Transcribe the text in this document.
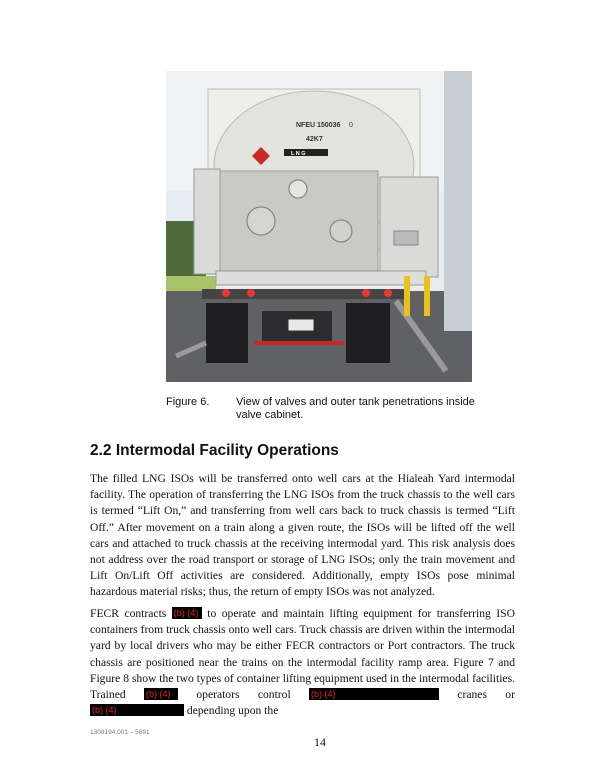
NFEU 150036 0
42K7
L N G
Figure 6. View of valves and outer tank penetrations inside valve cabinet.
2.2 Intermodal Facility Operations

The filled LNG ISOs will be transferred onto well cars at the Hialeah Yard intermodal facility. The operation of transferring the LNG ISOs from the truck chassis to the well cars is termed “Lift On,” and transferring from well cars back to truck chassis is termed “Lift Off.” After movement on a train along a given route, the ISOs will be lifted off the well cars and attached to truck chassis at the receiving intermodal yard. This risk analysis does not address over the road transport or storage of LNG ISOs; only the train movement and Lift On/Lift Off activities are considered. Additionally, empty ISOs pose minimal hazardous material risks; thus, the return of empty ISOs was not analyzed.

FECR contracts (b) (4) to operate and maintain lifting equipment for transferring ISO containers from truck chassis onto well cars. Truck chassis are driven within the intermodal yard by local drivers who may be either FECR contractors or Port contractors. The truck chassis are positioned near the trains on the intermodal facility ramp area. Figure 7 and Figure 8 show the two types of container lifting equipment used in the intermodal facilities. Trained (b) (4) operators control (b) (4)	cranes or (b) (4)	depending upon the

1308194.001 – 5691
14
